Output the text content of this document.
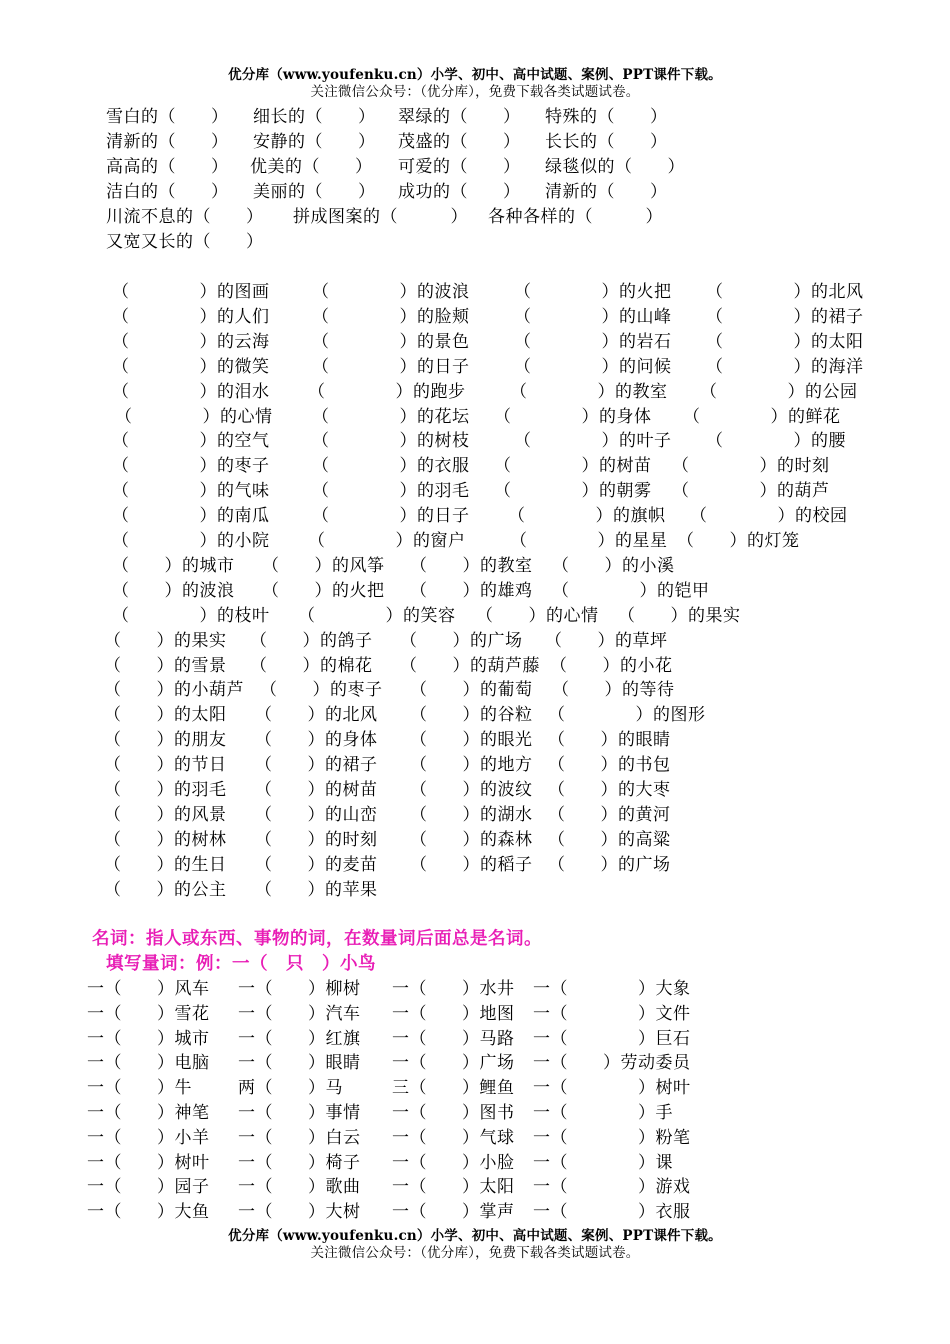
优分库（www.youfenku.cn）小学、初中、高中试题、案例、PPT课件下载。
关注微信公众号：（优分库），免费下载各类试题试卷。
雪白的（　　） 细长的（　　） 翠绿的（　　） 特殊的（　　）
清新的（　　） 安静的（　　） 茂盛的（　　） 长长的（　　）
高高的（　　） 优美的（　　） 可爱的（　　） 绿毯似的（　　）
洁白的（　　） 美丽的（　　） 成功的（　　） 清新的（　　）
川流不息的（　　） 拼成图案的（　　　） 各种各样的（　　　）
又宽又长的（　　）
（　　　　）的图画	（　　　　）的波浪	（　　　　）的火把 （　　　　）的北风
（　　　　）的人们	（　　　　）的脸颊	（　　　　）的山峰 （　　　　）的裙子
（　　　　）的云海	（　　　　）的景色	（　　　　）的岩石 （　　　　）的太阳
（　　　　）的微笑	（　　　　）的日子	（　　　　）的问候 （　　　　）的海洋
（　　　　）的泪水 （　　　　）的跑步	（　　　　）的教室 （　　　　）的公园
（　　　　）的心情 （　　　　）的花坛 （　　　　）的身体 （　　　　）的鲜花
（　　　　）的空气	（　　　　）的树枝	（　　　　）的叶子 （　　　　）的腰
（　　　　）的枣子	（　　　　）的衣服 （　　　　）的树苗 （　　　　）的时刻
（　　　　）的气味	（　　　　）的羽毛 （　　　　）的朝雾 （　　　　）的葫芦
（　　　　）的南瓜	（　　　　）的日子 （　　　　）的旗帜 （　　　　）的校园
（　　　　）的小院 （　　　　）的窗户	（　　　　）的星星 （　　）的灯笼
（　　）的城市 （　　）的风筝 （　　）的教室 （　　）的小溪
（　　）的波浪 （　　）的火把 （　　）的雄鸡 （　　　　）的铠甲
（　　　　）的枝叶 （　　　　）的笑容 （　　）的心情 （　　）的果实
（　　）的果实 （　　）的鸽子 （　　）的广场 （　　）的草坪
（　　）的雪景 （　　）的棉花 （　　）的葫芦藤 （　　）的小花
（　　）的小葫芦 （　　）的枣子 （　　）的葡萄 （　　）的等待
（　　）的太阳 （　　）的北风 （　　）的谷粒 （　　　　）的图形
（　　）的朋友 （　　）的身体 （　　）的眼光 （　　）的眼睛
（　　）的节日 （　　）的裙子 （　　）的地方 （　　）的书包
（　　）的羽毛 （　　）的树苗 （　　）的波纹 （　　）的大枣
（　　）的风景 （　　）的山峦 （　　）的湖水 （　　）的黄河
（　　）的树林 （　　）的时刻 （　　）的森林 （　　）的高粱
（　　）的生日 （　　）的麦苗 （　　）的稻子 （　　）的广场
（　　）的公主 （　　）的苹果
名词：指人或东西、事物的词，在数量词后面总是名词。
填写量词：例：一（　只　）小鸟
一（　　）风车 一（　　）柳树 一（　　）水井 一（　　　　）大象
一（　　）雪花 一（　　）汽车 一（　　）地图 一（　　　　）文件
一（　　）城市 一（　　）红旗 一（　　）马路 一（　　　　）巨石
一（　　）电脑 一（　　）眼睛 一（　　）广场 一（　　）劳动委员
一（　　）牛	两（　　）马	三（　　）鲤鱼 一（　　　　）树叶
一（　　）神笔 一（　　）事情 一（　　）图书 一（　　　　）手
一（　　）小羊 一（　　）白云 一（　　）气球 一（　　　　）粉笔
一（　　）树叶 一（　　）椅子 一（　　）小脸 一（　　　　）课
一（　　）园子 一（　　）歌曲 一（　　）太阳 一（　　　　）游戏
一（　　）大鱼 一（　　）大树 一（　　）掌声 一（　　　　）衣服
优分库（www.youfenku.cn）小学、初中、高中试题、案例、PPT课件下载。
关注微信公众号：（优分库），免费下载各类试题试卷。
